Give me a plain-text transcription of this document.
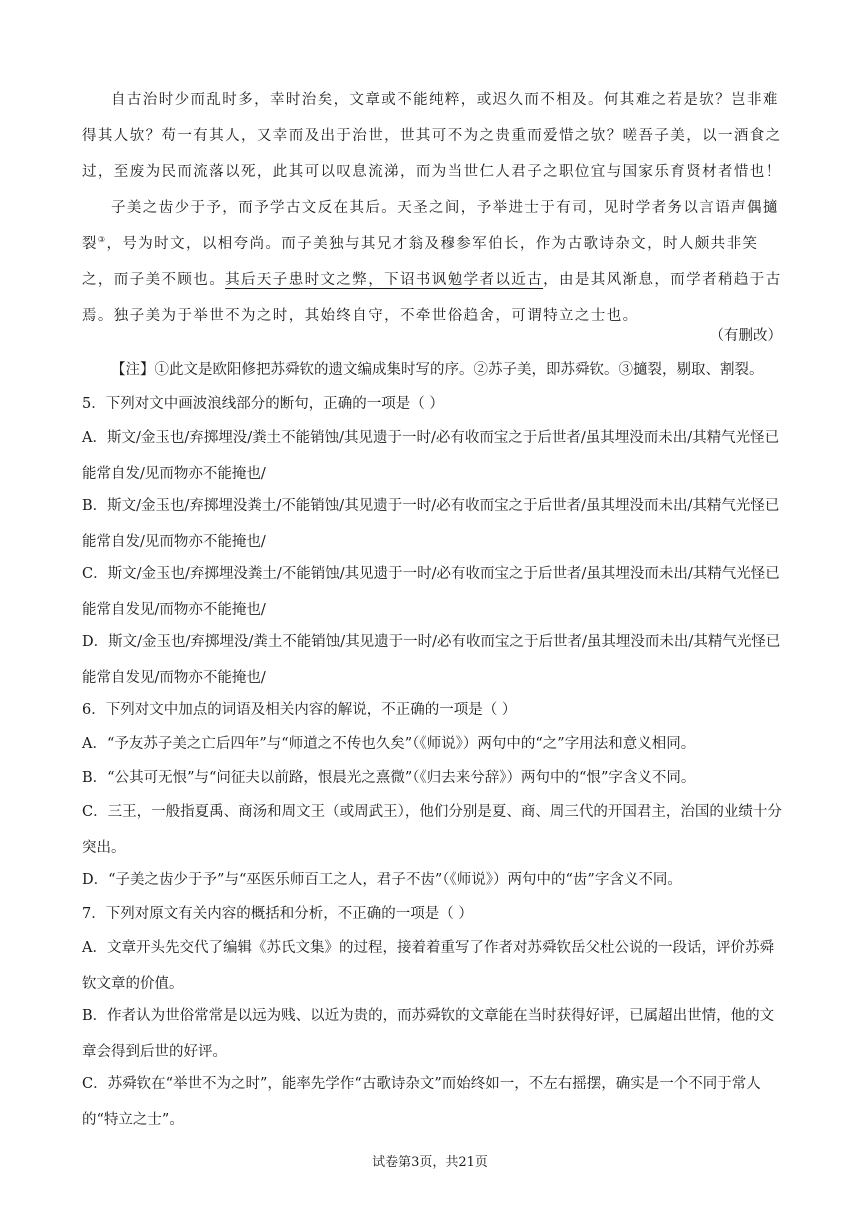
自古治时少而乱时多，幸时治矣，文章或不能纯粹，或迟久而不相及。何其难之若是欤？岂非难得其人欤？苟一有其人，又幸而及出于治世，世其可不为之贵重而爱惜之欤？嗟吾子美，以一酒食之过，至废为民而流落以死，此其可以叹息流涕，而为当世仁人君子之职位宜与国家乐育贤材者惜也！

子美之齿少于予，而予学古文反在其后。天圣之间，予举进士于有司，见时学者务以言语声偶擿裂③，号为时文，以相夸尚。而子美独与其兄才翁及穆参军伯长，作为古歌诗杂文，时人颇共非笑之，而子美不顾也。其后天子患时文之弊，下诏书讽勉学者以近古，由是其风渐息，而学者稍趋于古焉。独子美为于举世不为之时，其始终自守，不牵世俗趋舍，可谓特立之士也。

（有删改）

【注】①此文是欧阳修把苏舜钦的遗文编成集时写的序。②苏子美，即苏舜钦。③擿裂，剔取、割裂。

5．下列对文中画波浪线部分的断句，正确的一项是（ ）

A．斯文/金玉也/弃掷埋没/粪土不能销蚀/其见遗于一时/必有收而宝之于后世者/虽其埋没而未出/其精气光怪已能常自发/见而物亦不能掩也/

B．斯文/金玉也/弃掷埋没粪土/不能销蚀/其见遗于一时/必有收而宝之于后世者/虽其埋没而未出/其精气光怪已能常自发/见而物亦不能掩也/

C．斯文/金玉也/弃掷埋没粪土/不能销蚀/其见遗于一时/必有收而宝之于后世者/虽其埋没而未出/其精气光怪已能常自发见/而物亦不能掩也/

D．斯文/金玉也/弃掷埋没/粪土不能销蚀/其见遗于一时/必有收而宝之于后世者/虽其埋没而未出/其精气光怪已能常自发见/而物亦不能掩也/

6．下列对文中加点的词语及相关内容的解说，不正确的一项是（ ）

A．“予友苏子美之亡后四年”与“师道之不传也久矣”（《师说》）两句中的“之”字用法和意义相同。

B．“公其可无恨”与“问征夫以前路，恨晨光之熹微”（《归去来兮辞》）两句中的“恨”字含义不同。

C．三王，一般指夏禹、商汤和周文王（或周武王），他们分别是夏、商、周三代的开国君主，治国的业绩十分突出。

D．“子美之齿少于予”与“巫医乐师百工之人，君子不齿”（《师说》）两句中的“齿”字含义不同。

7．下列对原文有关内容的概括和分析，不正确的一项是（ ）

A．文章开头先交代了编辑《苏氏文集》的过程，接着着重写了作者对苏舜钦岳父杜公说的一段话，评价苏舜钦文章的价值。

B．作者认为世俗常常是以远为贱、以近为贵的，而苏舜钦的文章能在当时获得好评，已属超出世情，他的文章会得到后世的好评。

C．苏舜钦在“举世不为之时”，能率先学作“古歌诗杂文”而始终如一，不左右摇摆，确实是一个不同于常人的“特立之士”。

试卷第3页，共21页
